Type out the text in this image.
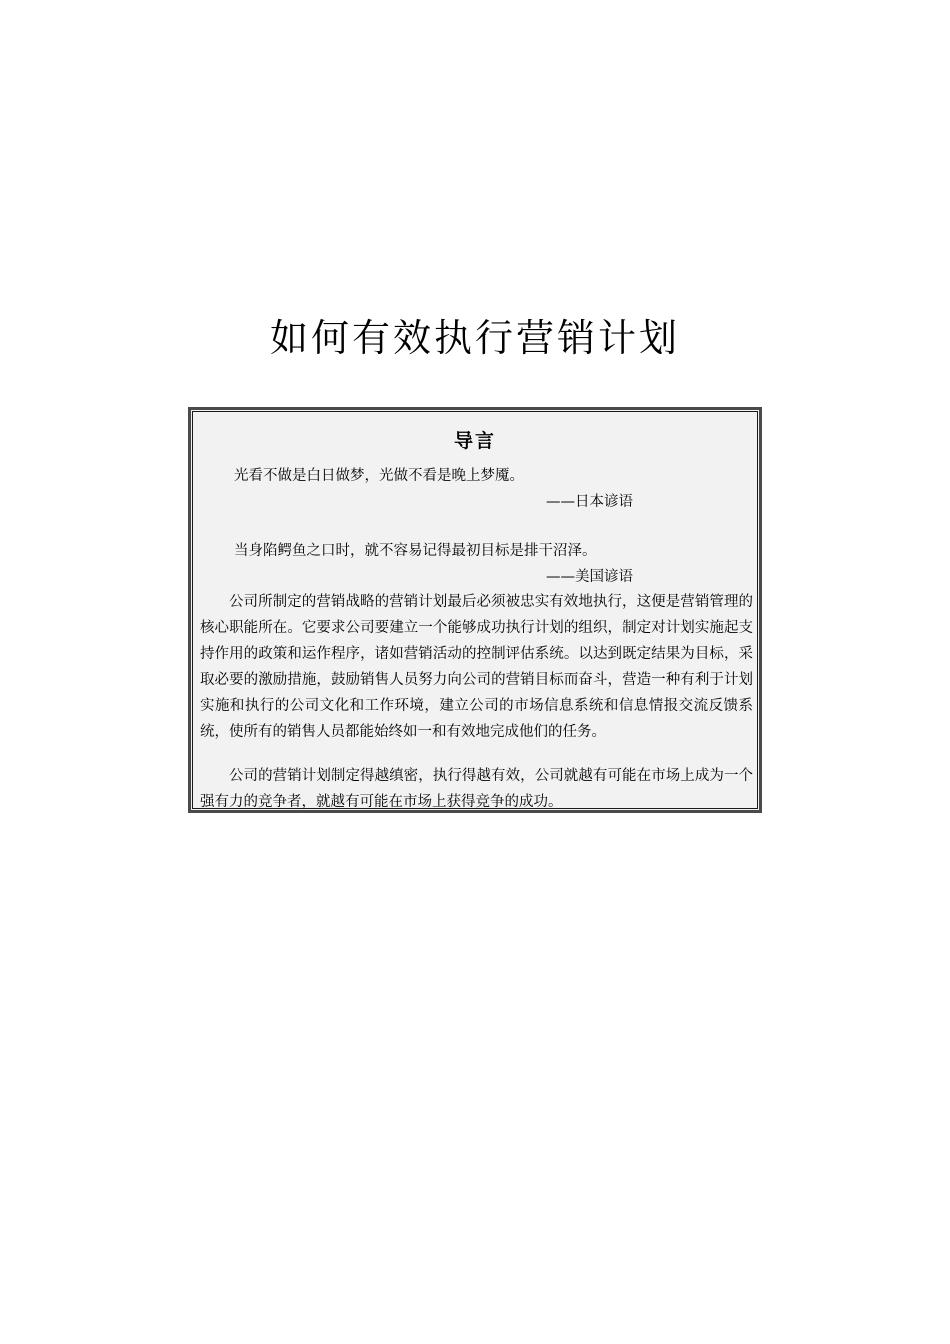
如何有效执行营销计划
导言
光看不做是白日做梦，光做不看是晚上梦魇。
——日本谚语
当身陷鳄鱼之口时，就不容易记得最初目标是排干沼泽。
——美国谚语

公司所制定的营销战略的营销计划最后必须被忠实有效地执行，这便是营销管理的核心职能所在。它要求公司要建立一个能够成功执行计划的组织，制定对计划实施起支持作用的政策和运作程序，诸如营销活动的控制评估系统。以达到既定结果为目标，采取必要的激励措施，鼓励销售人员努力向公司的营销目标而奋斗，营造一种有利于计划实施和执行的公司文化和工作环境，建立公司的市场信息系统和信息情报交流反馈系统，使所有的销售人员都能始终如一和有效地完成他们的任务。

公司的营销计划制定得越缜密，执行得越有效，公司就越有可能在市场上成为一个强有力的竞争者，就越有可能在市场上获得竞争的成功。
